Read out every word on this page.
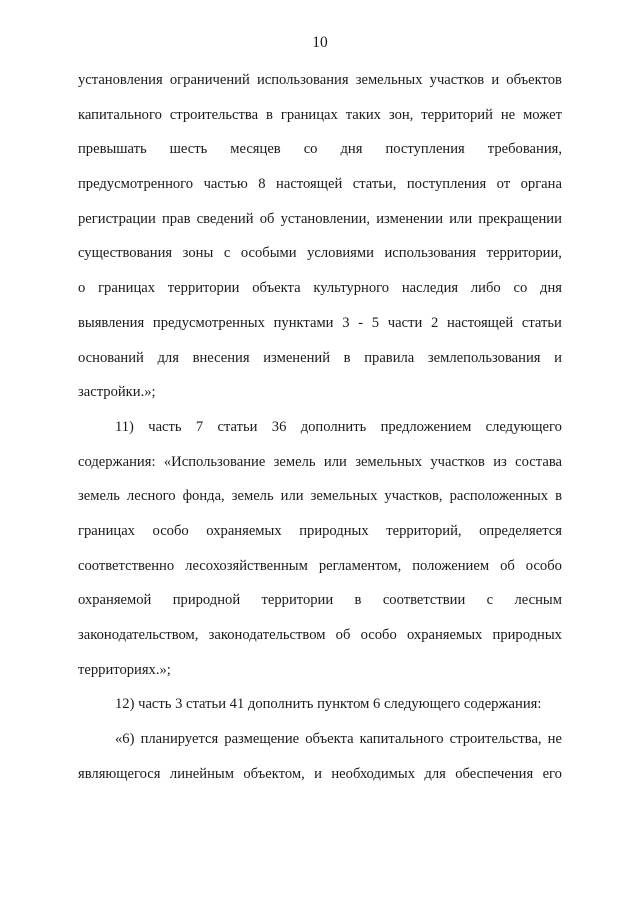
10
установления ограничений использования земельных участков и объектов
капитального строительства в границах таких зон, территорий не может
превышать шесть месяцев со дня поступления требования,
предусмотренного частью 8 настоящей статьи, поступления от органа
регистрации прав сведений об установлении, изменении или прекращении
существования зоны с особыми условиями использования территории,
о границах территории объекта культурного наследия либо со дня
выявления предусмотренных пунктами 3 - 5 части 2 настоящей статьи
оснований для внесения изменений в правила землепользования и
застройки.»;
11) часть 7 статьи 36 дополнить предложением следующего
содержания: «Использование земель или земельных участков из состава
земель лесного фонда, земель или земельных участков, расположенных в
границах особо охраняемых природных территорий, определяется
соответственно лесохозяйственным регламентом, положением об особо
охраняемой природной территории в соответствии с лесным
законодательством, законодательством об особо охраняемых природных
территориях.»;
12) часть 3 статьи 41 дополнить пунктом 6 следующего содержания:
«6) планируется размещение объекта капитального строительства, не
являющегося линейным объектом, и необходимых для обеспечения его
